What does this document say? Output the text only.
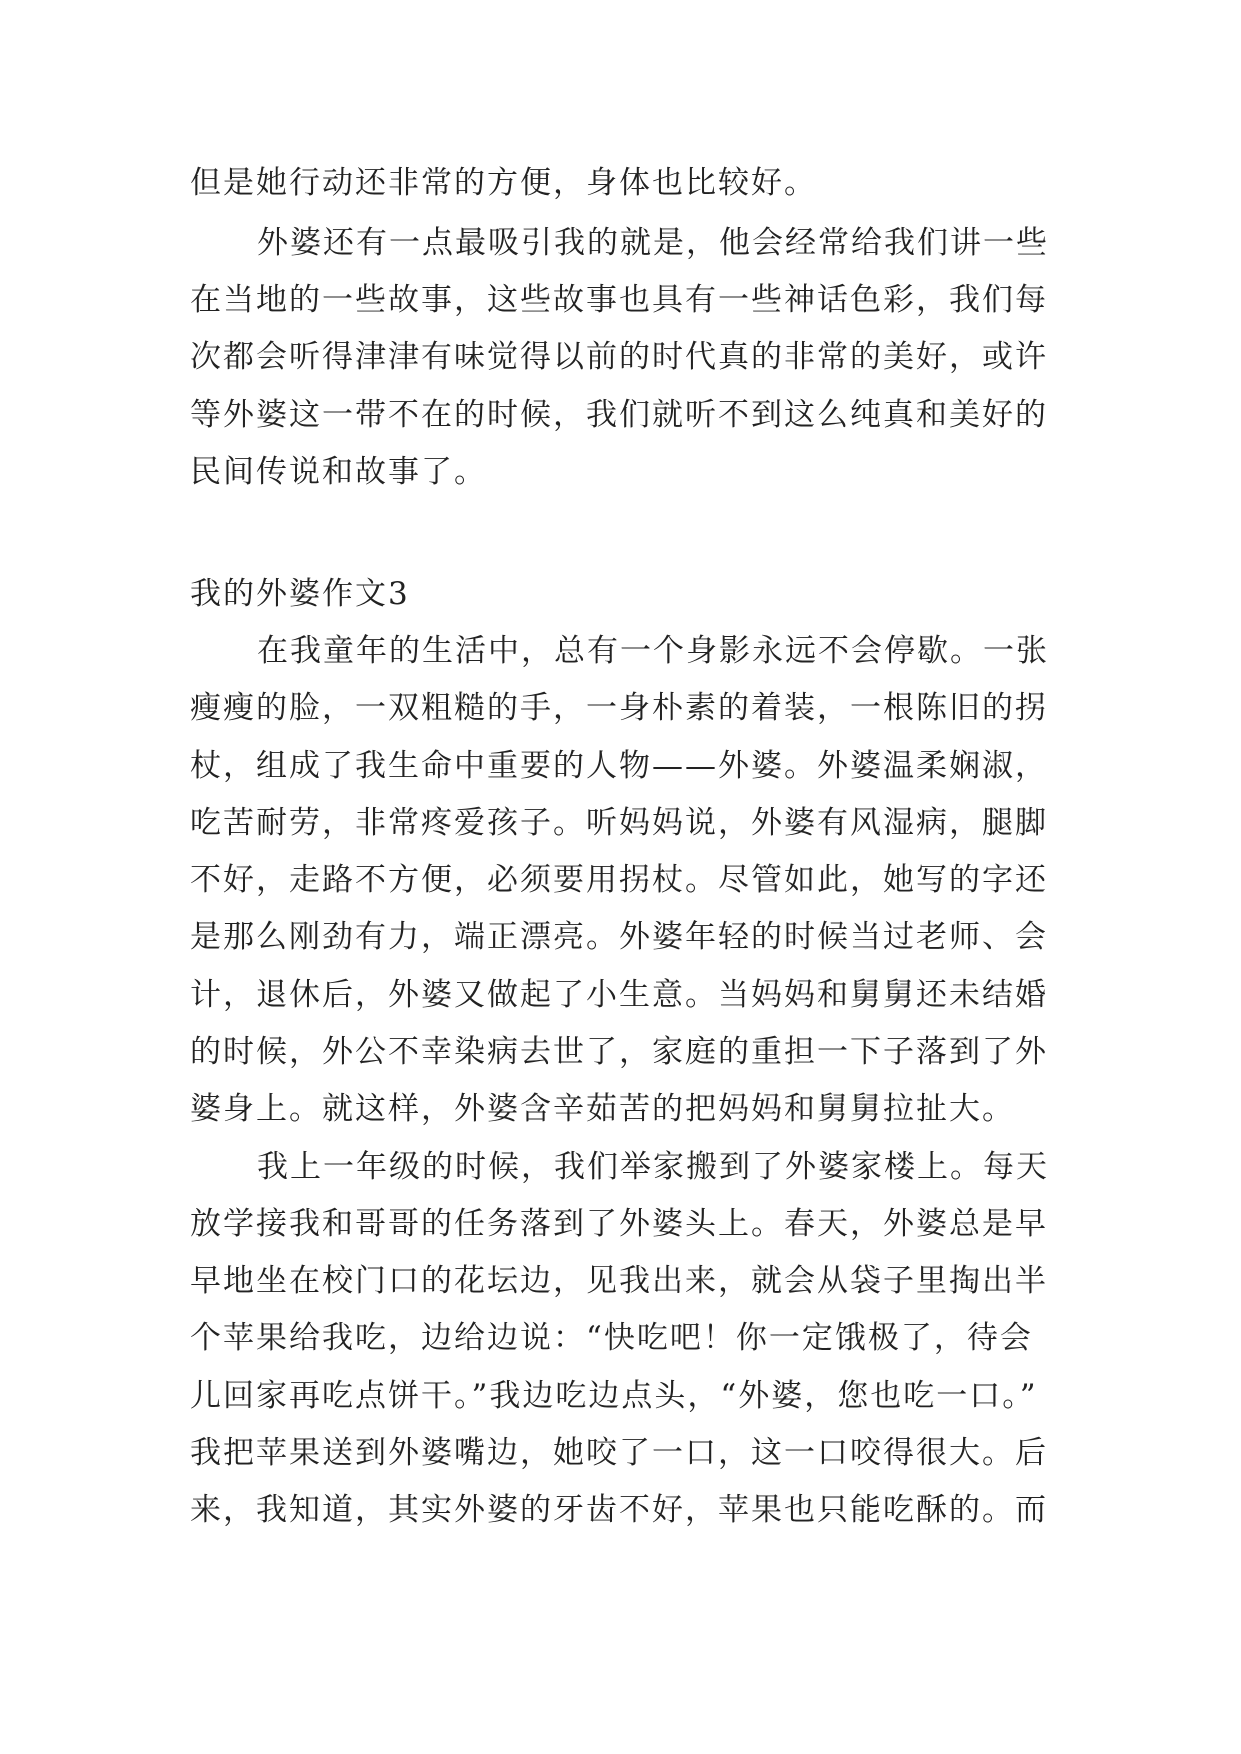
但是她行动还非常的方便，身体也比较好。
外婆还有一点最吸引我的就是，他会经常给我们讲一些
在当地的一些故事，这些故事也具有一些神话色彩，我们每
次都会听得津津有味觉得以前的时代真的非常的美好，或许
等外婆这一带不在的时候，我们就听不到这么纯真和美好的
民间传说和故事了。
我的外婆作文3
在我童年的生活中，总有一个身影永远不会停歇。一张
瘦瘦的脸，一双粗糙的手，一身朴素的着装，一根陈旧的拐
杖，组成了我生命中重要的人物——外婆。外婆温柔娴淑，
吃苦耐劳，非常疼爱孩子。听妈妈说，外婆有风湿病，腿脚
不好，走路不方便，必须要用拐杖。尽管如此，她写的字还
是那么刚劲有力，端正漂亮。外婆年轻的时候当过老师、会
计，退休后，外婆又做起了小生意。当妈妈和舅舅还未结婚
的时候，外公不幸染病去世了，家庭的重担一下子落到了外
婆身上。就这样，外婆含辛茹苦的把妈妈和舅舅拉扯大。
我上一年级的时候，我们举家搬到了外婆家楼上。每天
放学接我和哥哥的任务落到了外婆头上。春天，外婆总是早
早地坐在校门口的花坛边，见我出来，就会从袋子里掏出半
个苹果给我吃，边给边说：“快吃吧！你一定饿极了，待会
儿回家再吃点饼干。”我边吃边点头，“外婆，您也吃一口。”
我把苹果送到外婆嘴边，她咬了一口，这一口咬得很大。后
来，我知道，其实外婆的牙齿不好，苹果也只能吃酥的。而
